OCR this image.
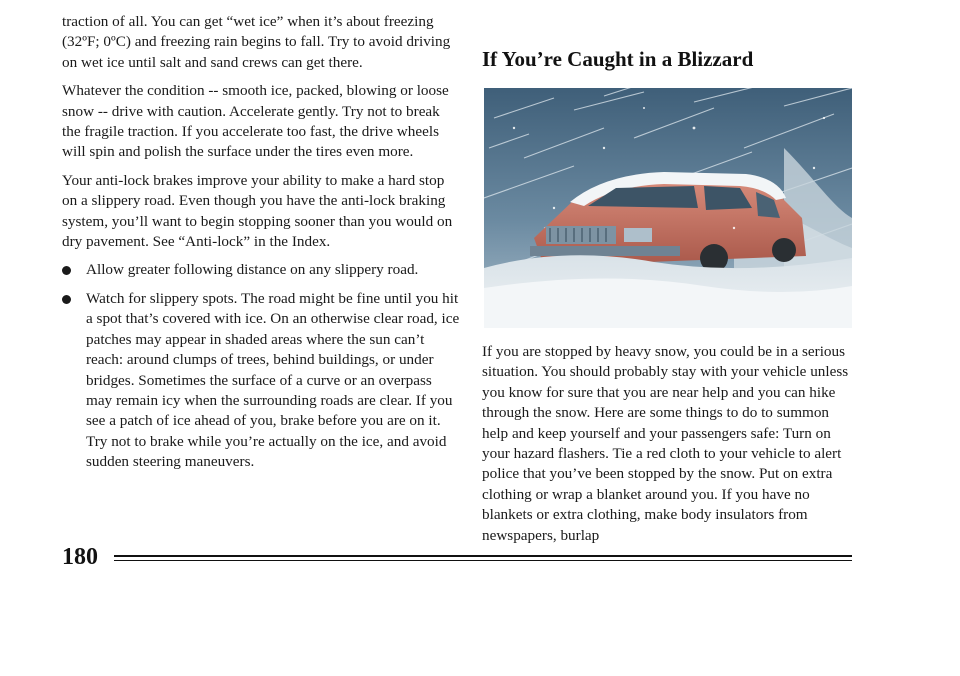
traction of all. You can get “wet ice” when it’s about freezing (32ºF; 0ºC) and freezing rain begins to fall. Try to avoid driving on wet ice until salt and sand crews can get there.

Whatever the condition -- smooth ice, packed, blowing or loose snow -- drive with caution. Accelerate gently. Try not to break the fragile traction. If you accelerate too fast, the drive wheels will spin and polish the surface under the tires even more.

Your anti-lock brakes improve your ability to make a hard stop on a slippery road. Even though you have the anti-lock braking system, you’ll want to begin stopping sooner than you would on dry pavement. See “Anti-lock” in the Index.

Allow greater following distance on any slippery road.
Watch for slippery spots. The road might be fine until you hit a spot that’s covered with ice. On an otherwise clear road, ice patches may appear in shaded areas where the sun can’t reach: around clumps of trees, behind buildings, or under bridges. Sometimes the surface of a curve or an overpass may remain icy when the surrounding roads are clear. If you see a patch of ice ahead of you, brake before you are on it. Try not to brake while you’re actually on the ice, and avoid sudden steering maneuvers.
If You’re Caught in a Blizzard

If you are stopped by heavy snow, you could be in a serious situation. You should probably stay with your vehicle unless you know for sure that you are near help and you can hike through the snow. Here are some things to do to summon help and keep yourself and your passengers safe: Turn on your hazard flashers. Tie a red cloth to your vehicle to alert police that you’ve been stopped by the snow. Put on extra clothing or wrap a blanket around you. If you have no blankets or extra clothing, make body insulators from newspapers, burlap

180
